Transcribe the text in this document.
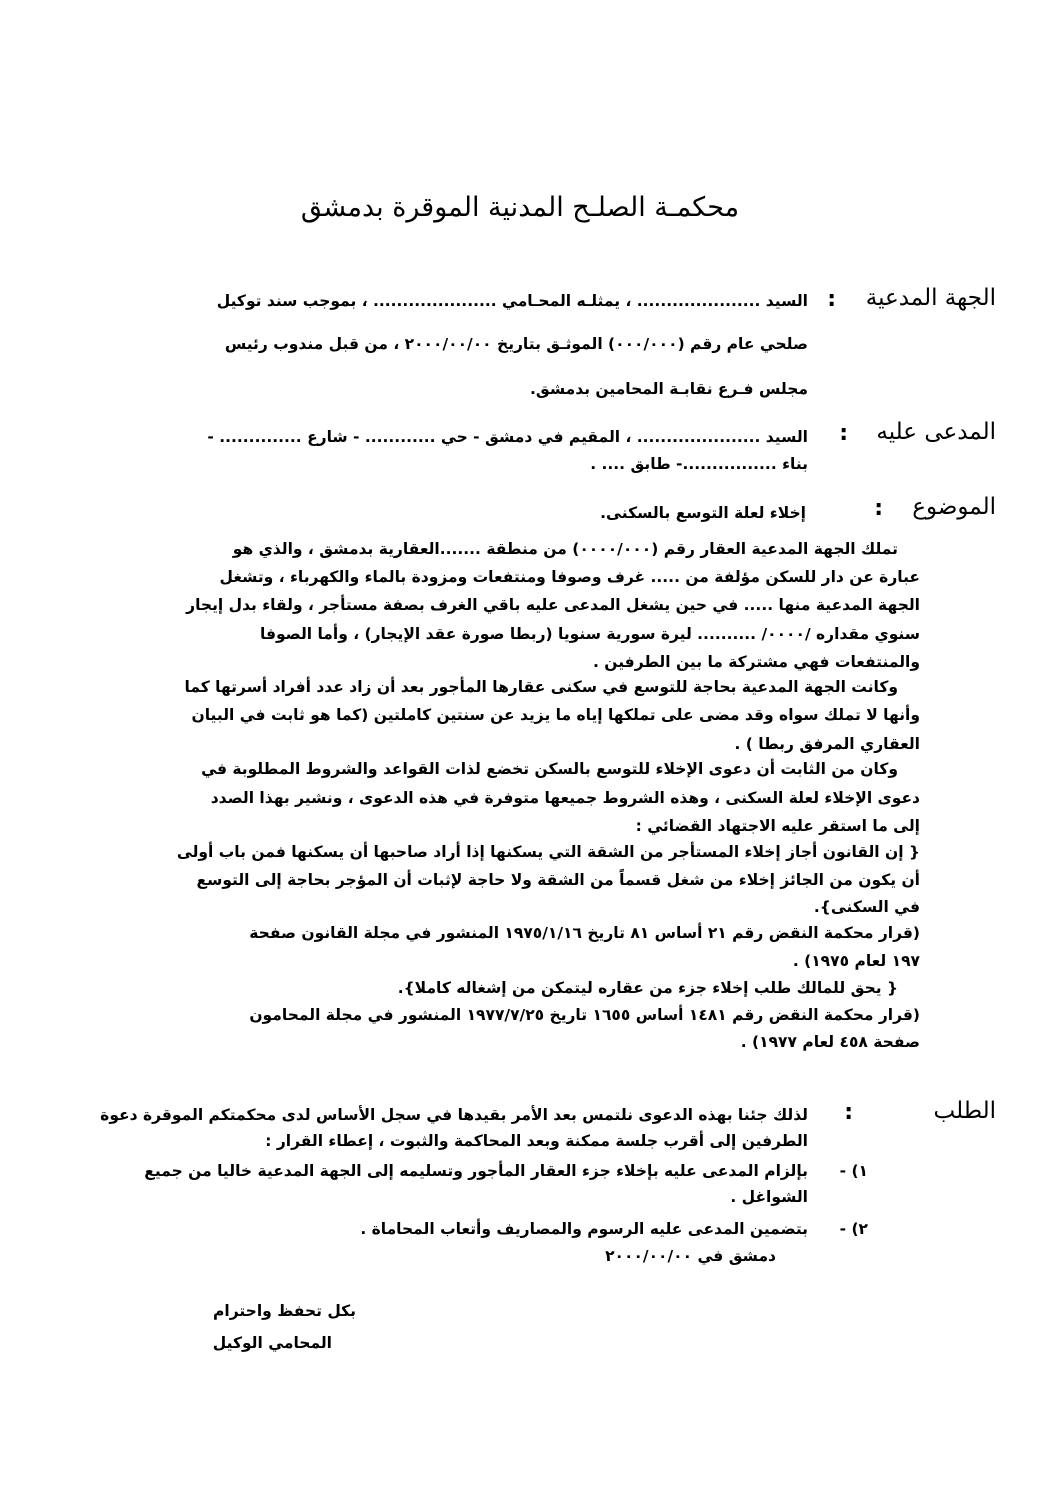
محكمـة الصلـح المدنية الموقرة بدمشق
الجهة المدعية
:
السيد ..................... ، يمثلـه المحـامي ..................... ، بموجب سند توكيل
صلحي عام رقم (٠٠٠/٠٠٠) الموثـق بتاريخ ٢٠٠٠/٠٠/٠٠ ، من قبل مندوب رئيس
مجلس فـرع نقابـة المحامين بدمشق.
المدعى عليه
:
السيد ..................... ، المقيم في دمشق - حي ............ - شارع .............. -
بناء ................- طابق .... .
الموضوع
:
إخلاء لعلة التوسع بالسكنى.
تملك الجهة المدعية العقار رقم (٠٠٠٠/٠٠٠) من منطقة .......العقارية بدمشق ، والذي هو
عبارة عن دار للسكن مؤلفة من ..... غرف وصوفا ومنتفعات ومزودة بالماء والكهرباء ، وتشغل
الجهة المدعية منها ..... في حين يشغل المدعى عليه باقي الغرف بصفة مستأجر ، ولقاء بدل إيجار
سنوي مقداره /٠٠٠٠/ .......... ليرة سورية سنويا (ربطا صورة عقد الإيجار) ، وأما الصوفا
والمنتفعات فهي مشتركة ما بين الطرفين .
وكانت الجهة المدعية بحاجة للتوسع في سكنى عقارها المأجور بعد أن زاد عدد أفراد أسرتها كما
وأنها لا تملك سواه وقد مضى على تملكها إياه ما يزيد عن سنتين كاملتين (كما هو ثابت في البيان
العقاري المرفق ربطا ) .
وكان من الثابت أن دعوى الإخلاء للتوسع بالسكن تخضع لذات القواعد والشروط المطلوبة في
دعوى الإخلاء لعلة السكنى ، وهذه الشروط جميعها متوفرة في هذه الدعوى ، ونشير بهذا الصدد
إلى ما استقر عليه الاجتهاد القضائي :
{ إن القانون أجاز إخلاء المستأجر من الشقة التي يسكنها إذا أراد صاحبها أن يسكنها فمن باب أولى
أن يكون من الجائز إخلاء من شغل قسماً من الشقة ولا حاجة لإثبات أن المؤجر بحاجة إلى التوسع
في السكنى}.
(قرار محكمة النقض رقم ٢١ أساس ٨١ تاريخ ١٩٧٥/١/١٦ المنشور في مجلة القانون صفحة
١٩٧ لعام ١٩٧٥) .
{ يحق للمالك طلب إخلاء جزء من عقاره ليتمكن من إشغاله كاملا}.
(قرار محكمة النقض رقم ١٤٨١ أساس ١٦٥٥ تاريخ ١٩٧٧/٧/٢٥ المنشور في مجلة المحامون
صفحة ٤٥٨ لعام ١٩٧٧) .
الطلب
:
لذلك جئنا بهذه الدعوى نلتمس بعد الأمر بقيدها في سجل الأساس لدى محكمتكم الموقرة دعوة
الطرفين إلى أقرب جلسة ممكنة وبعد المحاكمة والثبوت ، إعطاء القرار :
١) -
بإلزام المدعى عليه بإخلاء جزء العقار المأجور وتسليمه إلى الجهة المدعية خاليا من جميع
الشواغل .
٢) -
بتضمين المدعى عليه الرسوم والمصاريف وأتعاب المحاماة .
دمشق في ٢٠٠٠/٠٠/٠٠
بكل تحفظ واحترام
المحامي الوكيل
